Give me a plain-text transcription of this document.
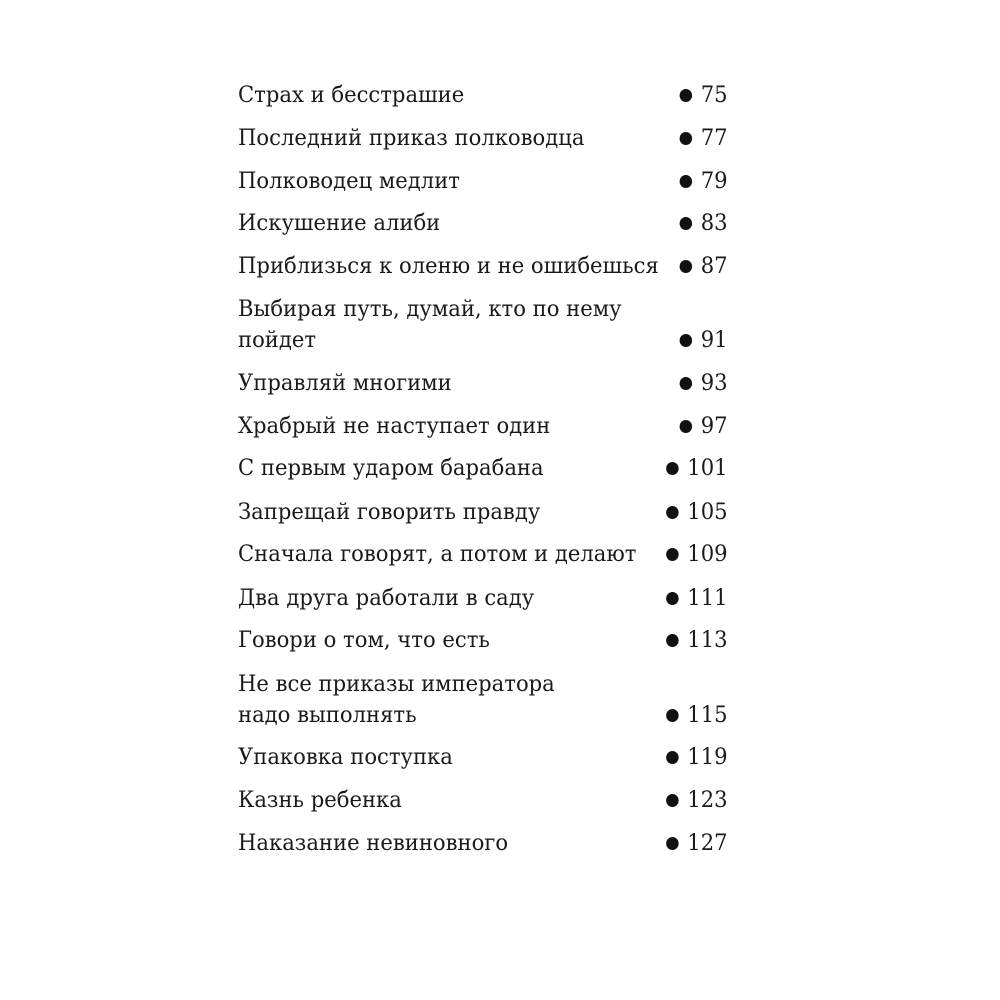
Страх и бесстрашие	75
Последний приказ полководца	77
Полководец медлит	79
Искушение алиби	83
Приблизься к оленю и не ошибешься 87
Выбирая путь, думай, кто по нему
пойдет	91
Управляй многими	93
Храбрый не наступает один	97
С первым ударом барабана	101
Запрещай говорить правду	105
Сначала говорят, а потом и делают	109
Два друга работали в саду	111
Говори о том, что есть	113
Не все приказы императора
надо выполнять	115
Упаковка поступка	119
Казнь ребенка	123
Наказание невиновного	127
